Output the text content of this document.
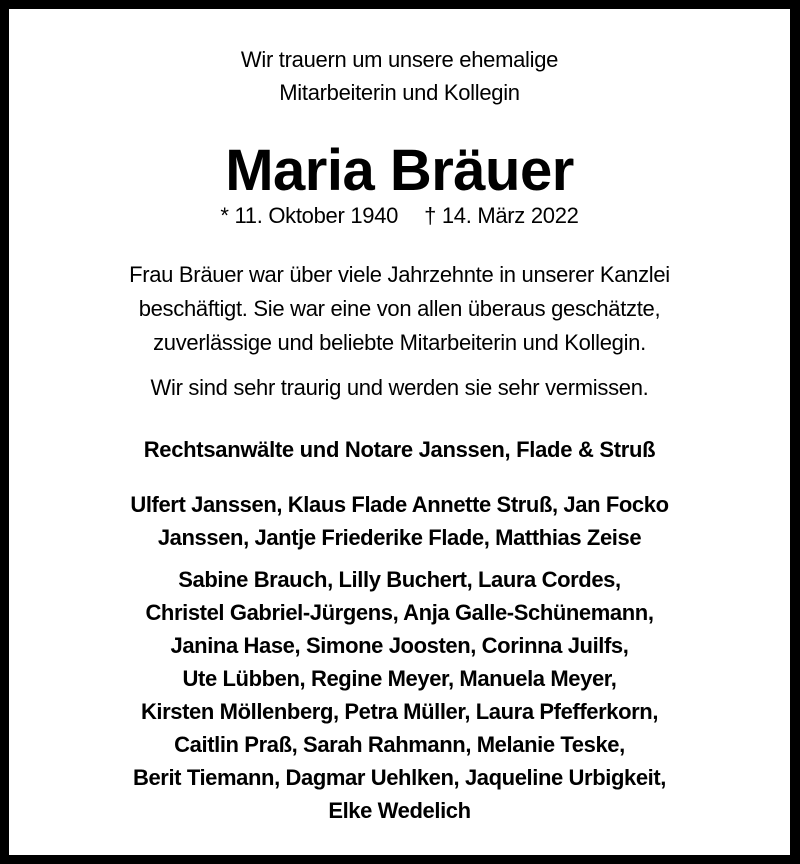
Wir trauern um unsere ehemalige
Mitarbeiterin und Kollegin
Maria Bräuer
* 11. Oktober 1940 † 14. März 2022
Frau Bräuer war über viele Jahrzehnte in unserer Kanzlei
beschäftigt. Sie war eine von allen überaus geschätzte,
zuverlässige und beliebte Mitarbeiterin und Kollegin.
Wir sind sehr traurig und werden sie sehr vermissen.
Rechtsanwälte und Notare Janssen, Flade & Struß
Ulfert Janssen, Klaus Flade Annette Struß, Jan Focko
Janssen, Jantje Friederike Flade, Matthias Zeise
Sabine Brauch, Lilly Buchert, Laura Cordes,
Christel Gabriel-Jürgens, Anja Galle-Schünemann,
Janina Hase, Simone Joosten, Corinna Juilfs,
Ute Lübben, Regine Meyer, Manuela Meyer,
Kirsten Möllenberg, Petra Müller, Laura Pfefferkorn,
Caitlin Praß, Sarah Rahmann, Melanie Teske,
Berit Tiemann, Dagmar Uehlken, Jaqueline Urbigkeit,
Elke Wedelich
